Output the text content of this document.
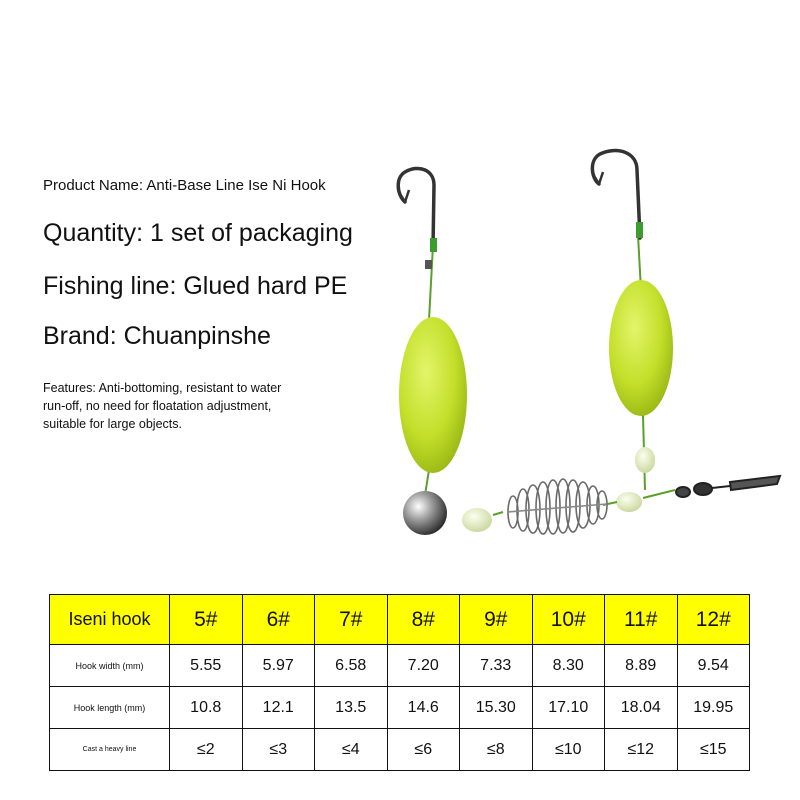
Product Name: Anti-Base Line Ise Ni Hook
Quantity: 1 set of packaging
Fishing line: Glued hard PE
Brand: Chuanpinshe
Features: Anti-bottoming, resistant to water run-off, no need for floatation adjustment, suitable for large objects.
Iseni hook	5#	6#	7#	8#	9#	10#	11#	12#
Hook width (mm)	5.55	5.97	6.58	7.20	7.33	8.30	8.89	9.54
Hook length (mm)	10.8	12.1	13.5	14.6	15.30	17.10	18.04	19.95
Cast a heavy line	≤2	≤3	≤4	≤6	≤8	≤10	≤12	≤15
